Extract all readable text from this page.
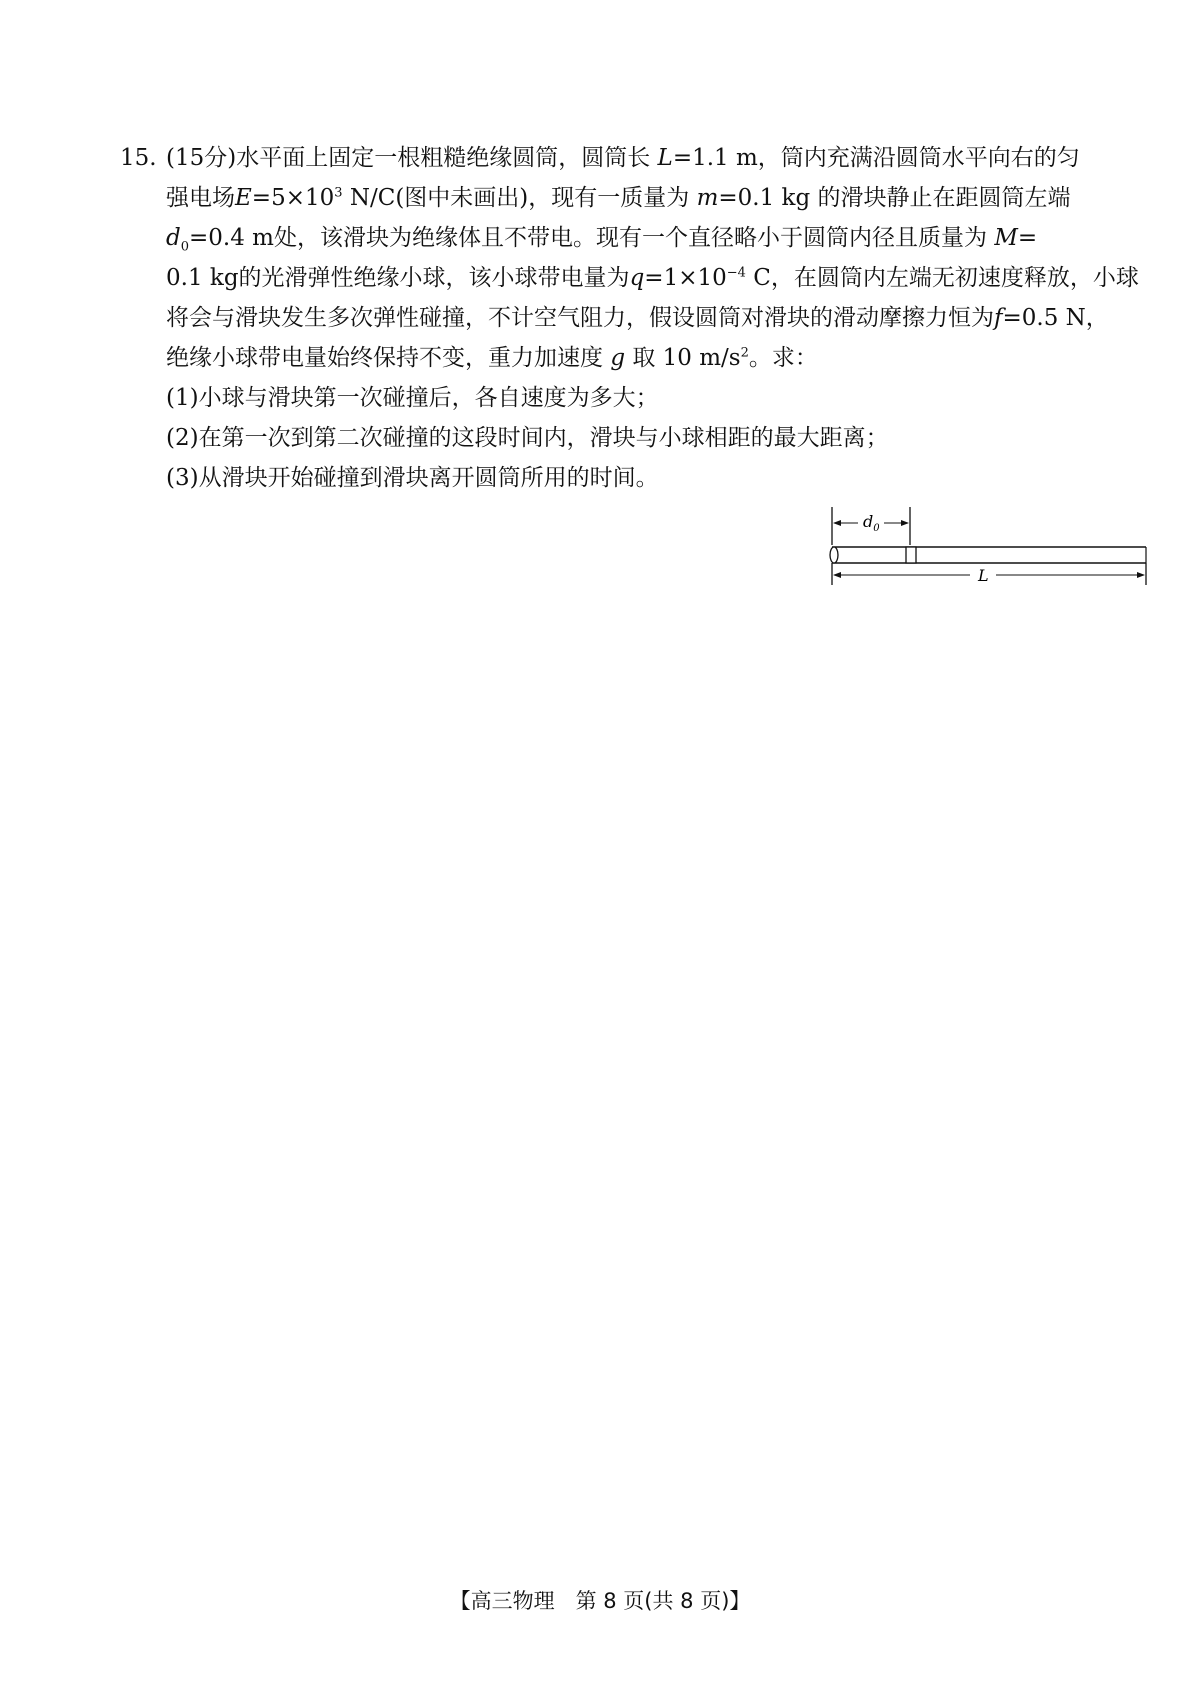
15. (15分)水平面上固定一根粗糙绝缘圆筒，圆筒长 L=1.1 m，筒内充满沿圆筒水平向右的匀
强电场$E=5\times 10^3$ N/C(图中未画出)，现有一质量为 m=0.1 kg 的滑块静止在距圆筒左端
$d_0=0.4$ m处，该滑块为绝缘体且不带电。现有一个直径略小于圆筒内径且质量为 M=
0.1 kg的光滑弹性绝缘小球，该小球带电量为$q=1\times 10^{-4}$ C，在圆筒内左端无初速度释放，小球
将会与滑块发生多次弹性碰撞，不计空气阻力，假设圆筒对滑块的滑动摩擦力恒为f=0.5 N，
绝缘小球带电量始终保持不变，重力加速度 g 取 10 $m/s^2$。求：
(1)小球与滑块第一次碰撞后，各自速度为多大；
(2)在第一次到第二次碰撞的这段时间内，滑块与小球相距的最大距离；
(3)从滑块开始碰撞到滑块离开圆筒所用的时间。
$d_0$
L
【高三物理　第 8 页(共 8 页)】
